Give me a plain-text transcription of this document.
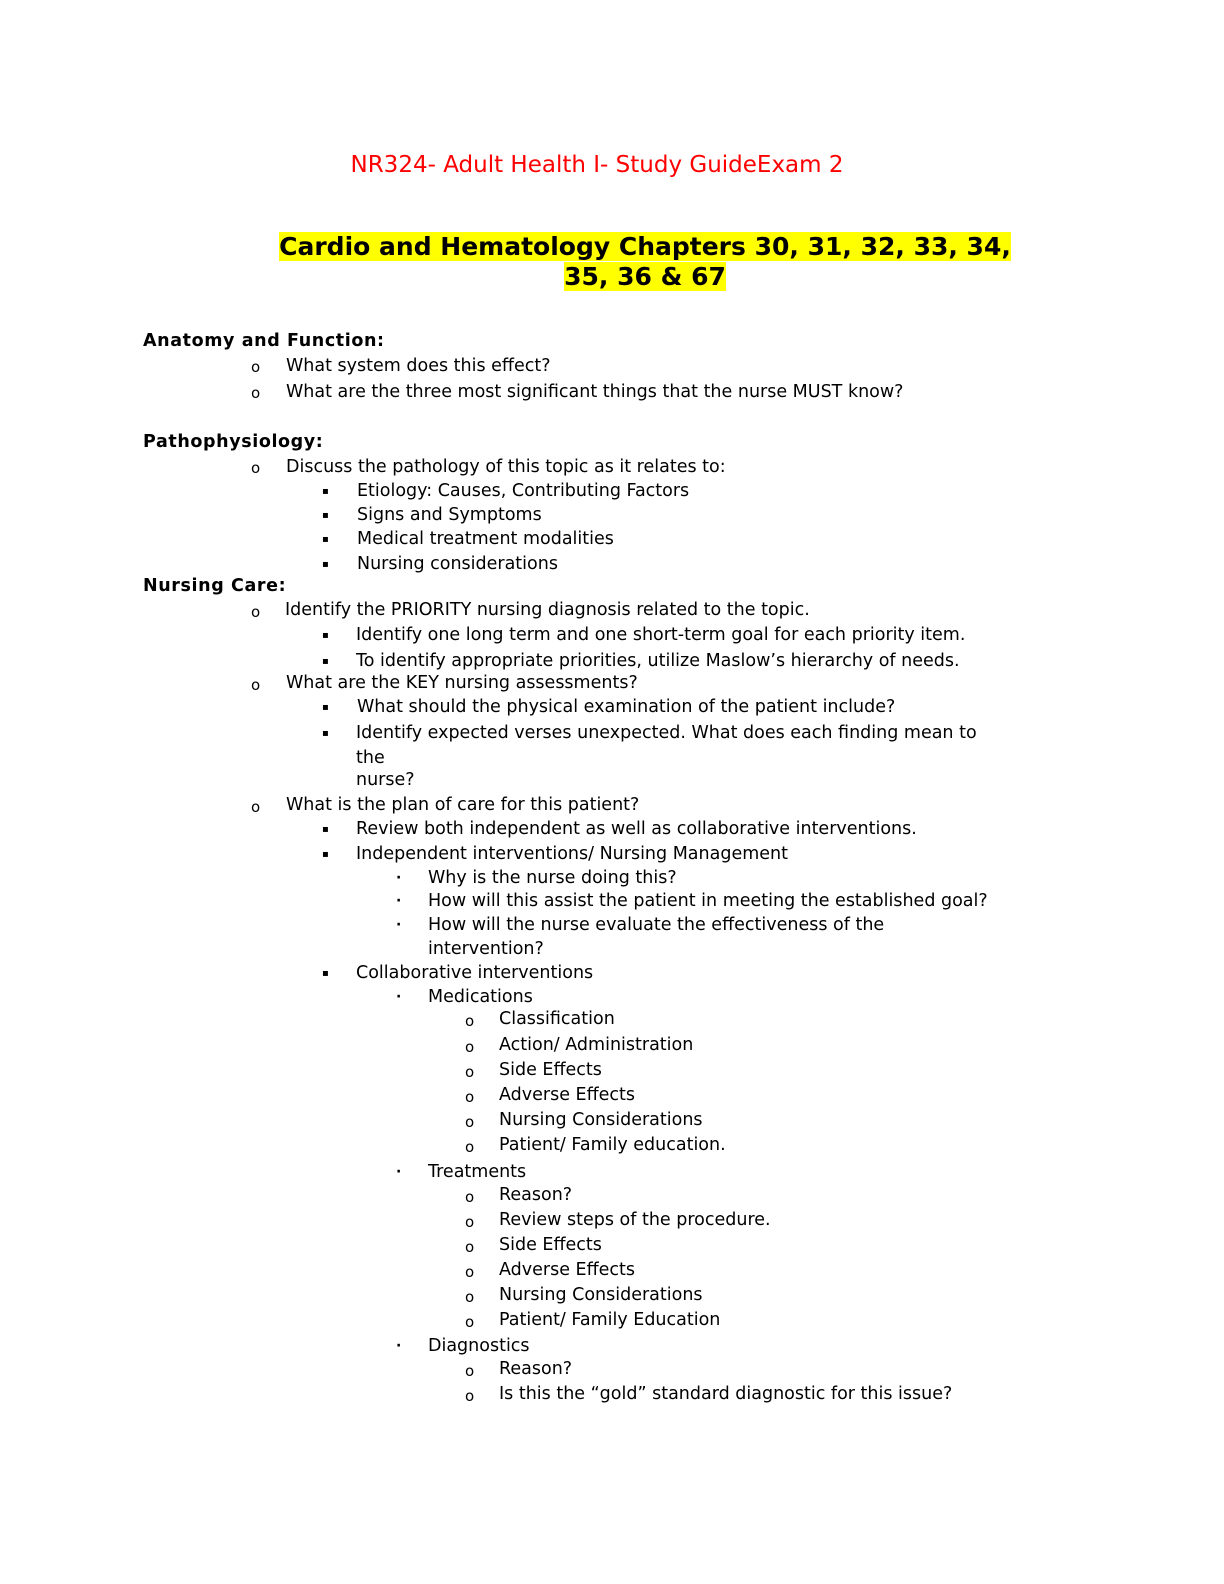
NR324- Adult Health I- Study GuideExam 2
Cardio and Hematology Chapters 30, 31, 32, 33, 34,
35, 36 & 67
Anatomy and Function:
o What system does this effect?
o What are the three most significant things that the nurse MUST know?
Pathophysiology:
o Discuss the pathology of this topic as it relates to:
▪ Etiology: Causes, Contributing Factors
▪ Signs and Symptoms
▪ Medical treatment modalities
▪ Nursing considerations
Nursing Care:
o Identify the PRIORITY nursing diagnosis related to the topic.
▪ Identify one long term and one short-term goal for each priority item.
▪ To identify appropriate priorities, utilize Maslow’s hierarchy of needs.
o What are the KEY nursing assessments?
▪ What should the physical examination of the patient include?
▪ Identify expected verses unexpected. What does each finding mean to
the
nurse?
o What is the plan of care for this patient?
▪ Review both independent as well as collaborative interventions.
▪ Independent interventions/ Nursing Management
· Why is the nurse doing this?
· How will this assist the patient in meeting the established goal?
· How will the nurse evaluate the effectiveness of the
intervention?
▪ Collaborative interventions
· Medications
o Classification
o Action/ Administration
o Side Effects
o Adverse Effects
o Nursing Considerations
o Patient/ Family education.
· Treatments
o Reason?
o Review steps of the procedure.
o Side Effects
o Adverse Effects
o Nursing Considerations
o Patient/ Family Education
· Diagnostics
o Reason?
o Is this the “gold” standard diagnostic for this issue?
